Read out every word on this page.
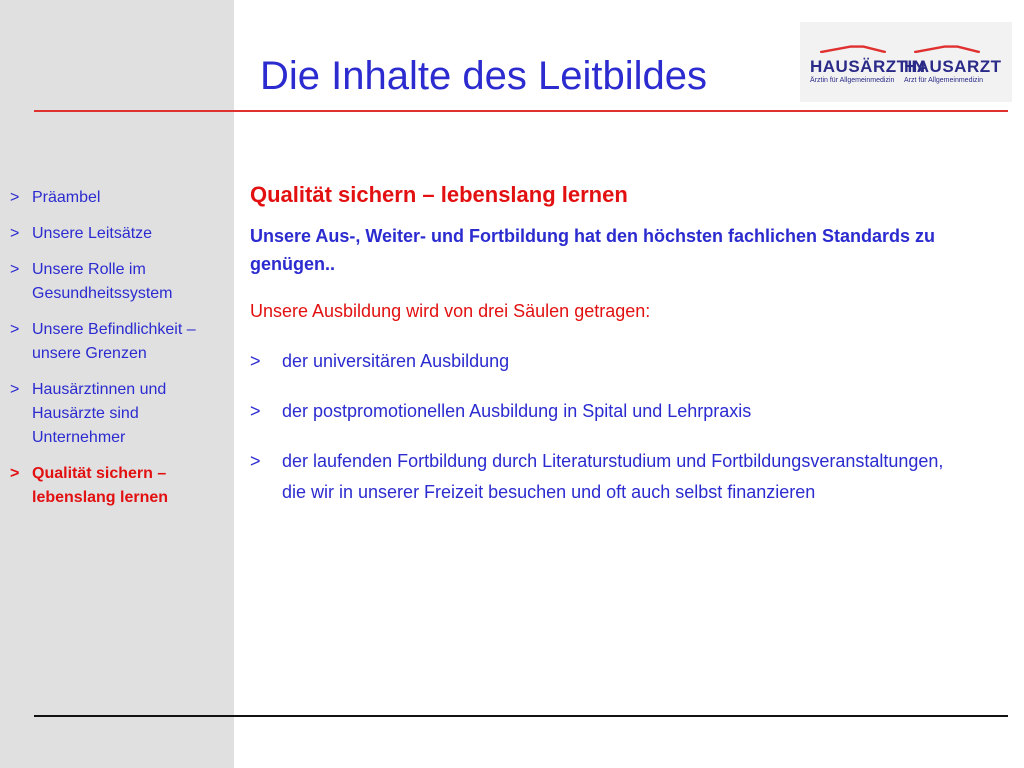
> Präambel
> Unsere Leitsätze
> Unsere Rolle im Gesundheitssystem
> Unsere Befindlichkeit – unsere Grenzen
> Hausärztinnen und Hausärzte sind Unternehmer
> Qualität sichern – lebenslang lernen
Die Inhalte des Leitbildes	HAUSÄRZTIN
Ärztin für Allgemeinmedizin
HAUSARZT
Arzt für Allgemeinmedizin
Qualität sichern – lebenslang lernen

Unsere Aus-, Weiter- und Fortbildung hat den höchsten fachlichen Standards zu genügen..

Unsere Ausbildung wird von drei Säulen getragen:

>	der universitären Ausbildung
>	der postpromotionellen Ausbildung in Spital und Lehrpraxis
>	der laufenden Fortbildung durch Literaturstudium und Fortbildungsveranstaltungen, die wir in unserer Freizeit besuchen und oft auch selbst finanzieren
